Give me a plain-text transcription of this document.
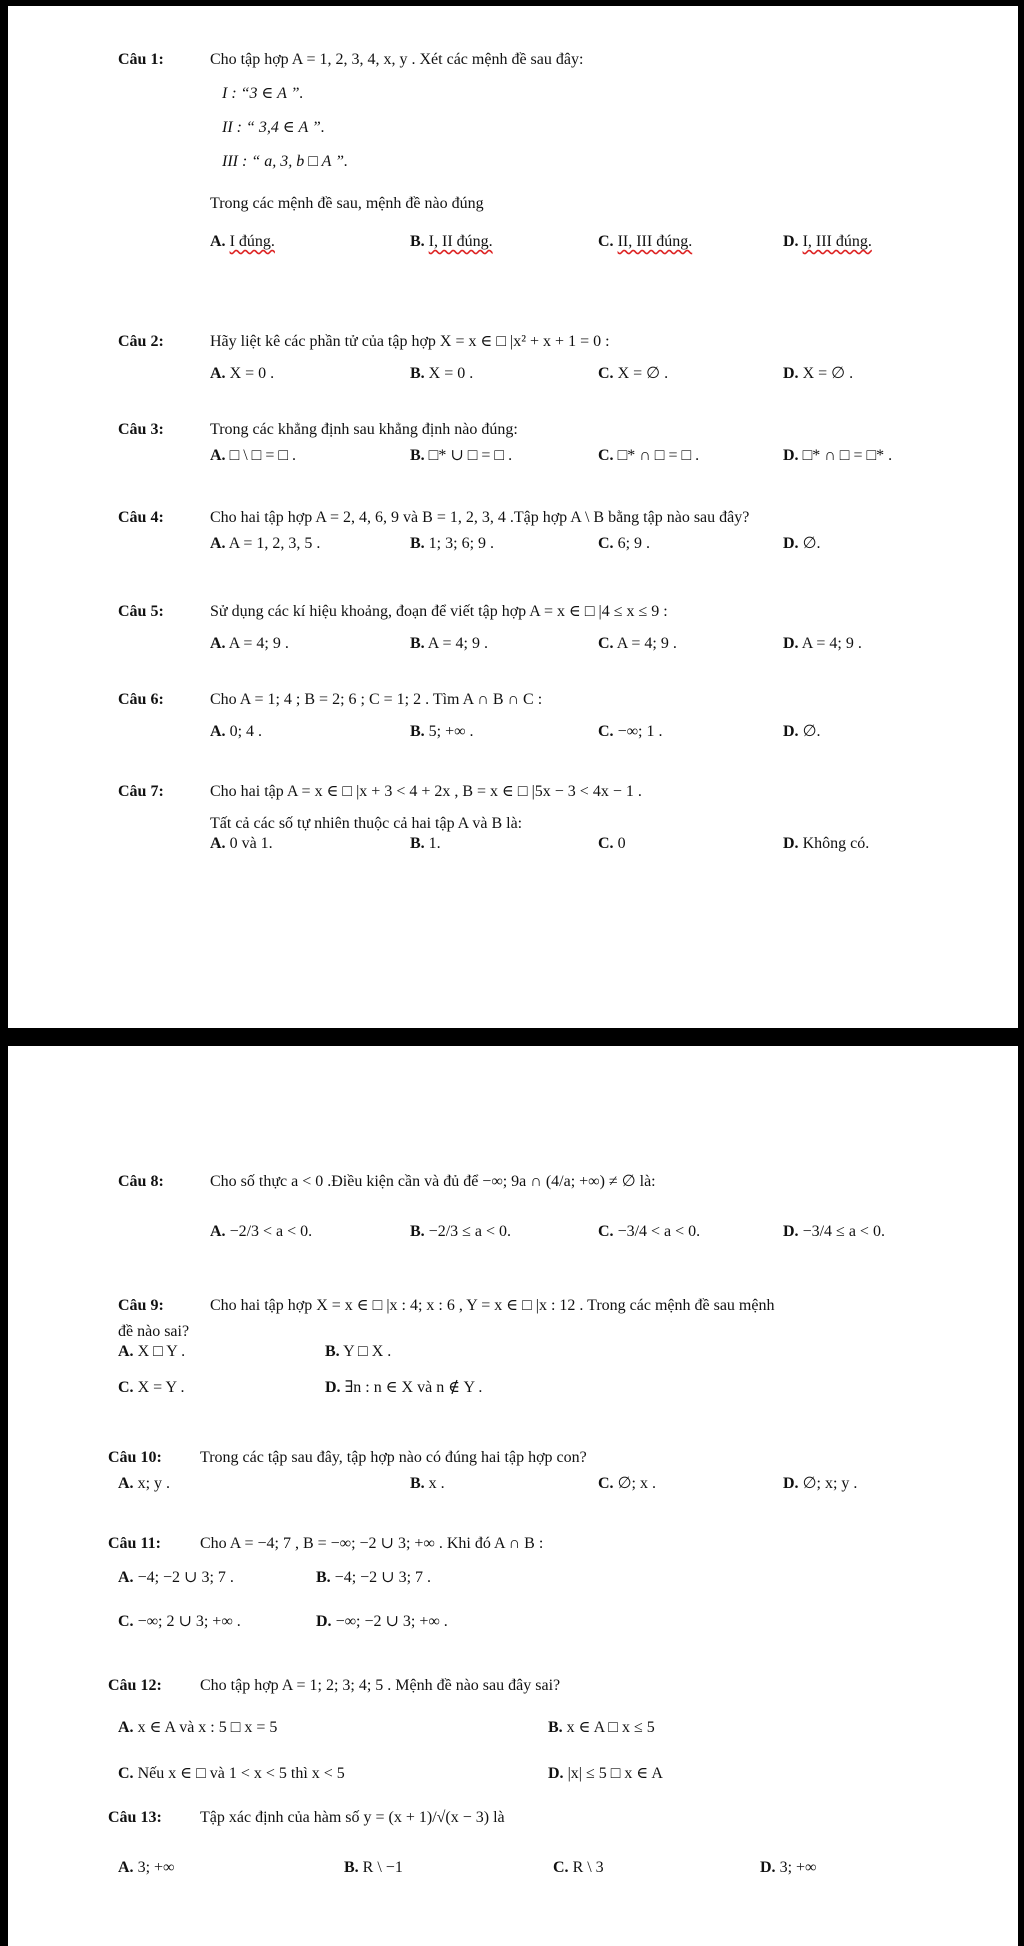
Câu 1:	Cho tập hợp A = 1, 2, 3, 4, x, y . Xét các mệnh đề sau đây:
I : “3 ∈ A ”.
II : “ 3,4 ∈ A ”.
III : “ a, 3, b □ A ”.
Trong các mệnh đề sau, mệnh đề nào đúng
A. I đúng.	B. I, II đúng.	C. II, III đúng.	D. I, III đúng.
Câu 2:	Hãy liệt kê các phần tử của tập hợp X = x ∈ □ |x² + x + 1 = 0 :
A. X = 0 .	B. X = 0 .	C. X = ∅ .	D. X = ∅ .
Câu 3:	Trong các khẳng định sau khẳng định nào đúng:
A. □ \ □ = □ .	B. □* ∪ □ = □ .	C. □* ∩ □ = □ .	D. □* ∩ □ = □* .
Câu 4:	Cho hai tập hợp A = 2, 4, 6, 9 và B = 1, 2, 3, 4 .Tập hợp A \ B bằng tập nào sau đây?
A. A = 1, 2, 3, 5 .	B. 1; 3; 6; 9 .	C. 6; 9 .	D. ∅.
Câu 5:	Sử dụng các kí hiệu khoảng, đoạn để viết tập hợp A = x ∈ □ |4 ≤ x ≤ 9 :
A. A = 4; 9 .	B. A = 4; 9 .	C. A = 4; 9 .	D. A = 4; 9 .
Câu 6:	Cho A = 1; 4 ; B = 2; 6 ; C = 1; 2 . Tìm A ∩ B ∩ C :
A. 0; 4 .	B. 5; +∞ .	C. −∞; 1 .	D. ∅.
Câu 7:	Cho hai tập A = x ∈ □ |x + 3 < 4 + 2x , B = x ∈ □ |5x − 3 < 4x − 1 .
Tất cả các số tự nhiên thuộc cả hai tập A và B là:
A. 0 và 1.	B. 1.	C. 0	D. Không có.
Câu 8:	Cho số thực a < 0 .Điều kiện cần và đủ để −∞; 9a ∩ (4/a; +∞) ≠ ∅ là:
A. −2/3 < a < 0.	B. −2/3 ≤ a < 0.	C. −3/4 < a < 0.	D. −3/4 ≤ a < 0.
Câu 9:	Cho hai tập hợp X = x ∈ □ |x : 4; x : 6 , Y = x ∈ □ |x : 12 . Trong các mệnh đề sau mệnh
đề nào sai?
A. X □ Y .	B. Y □ X .
C. X = Y .	D. ∃n : n ∈ X và n ∉ Y .
Câu 10:	Trong các tập sau đây, tập hợp nào có đúng hai tập hợp con?
A. x; y .	B. x .	C. ∅; x .	D. ∅; x; y .
Câu 11:	Cho A = −4; 7 , B = −∞; −2 ∪ 3; +∞ . Khi đó A ∩ B :
A. −4; −2 ∪ 3; 7 .	B. −4; −2 ∪ 3; 7 .
C. −∞; 2 ∪ 3; +∞ .	D. −∞; −2 ∪ 3; +∞ .
Câu 12:	Cho tập hợp A = 1; 2; 3; 4; 5 . Mệnh đề nào sau đây sai?
A. x ∈ A và x : 5 □ x = 5	B. x ∈ A □ x ≤ 5
C. Nếu x ∈ □ và 1 < x < 5 thì x < 5	D. |x| ≤ 5 □ x ∈ A
Câu 13:	Tập xác định của hàm số y = (x + 1)/√(x − 3) là
A. 3; +∞	B. R \ −1	C. R \ 3	D. 3; +∞
